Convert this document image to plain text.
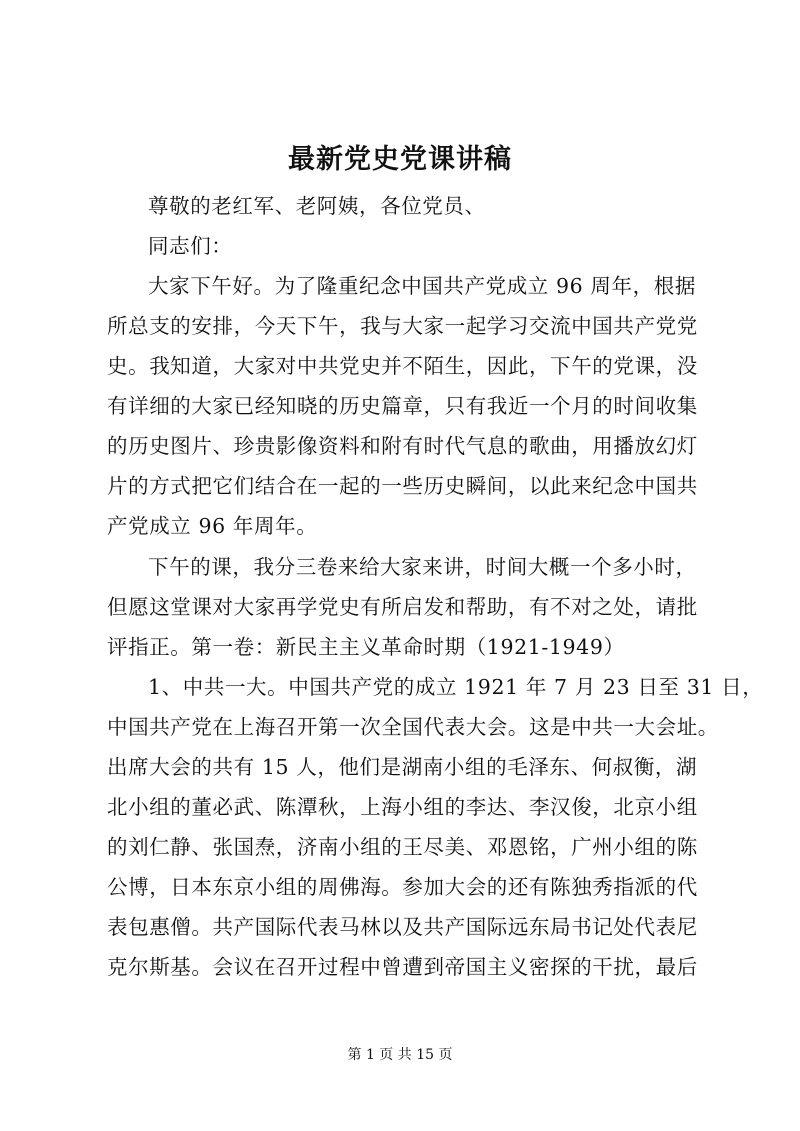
最新党史党课讲稿
尊敬的老红军、老阿姨，各位党员、
同志们：
大家下午好。为了隆重纪念中国共产党成立 96 周年，根据
所总支的安排，今天下午，我与大家一起学习交流中国共产党党
史。我知道，大家对中共党史并不陌生，因此，下午的党课，没
有详细的大家已经知晓的历史篇章，只有我近一个月的时间收集
的历史图片、珍贵影像资料和附有时代气息的歌曲，用播放幻灯
片的方式把它们结合在一起的一些历史瞬间，以此来纪念中国共
产党成立 96 年周年。
下午的课，我分三卷来给大家来讲，时间大概一个多小时，
但愿这堂课对大家再学党史有所启发和帮助，有不对之处，请批
评指正。第一卷：新民主主义革命时期（1921-1949）
1、中共一大。中国共产党的成立 1921 年 7 月 23 日至 31 日，
中国共产党在上海召开第一次全国代表大会。这是中共一大会址。
出席大会的共有 15 人，他们是湖南小组的毛泽东、何叔衡，湖
北小组的董必武、陈潭秋，上海小组的李达、李汉俊，北京小组
的刘仁静、张国焘，济南小组的王尽美、邓恩铭，广州小组的陈
公博，日本东京小组的周佛海。参加大会的还有陈独秀指派的代
表包惠僧。共产国际代表马林以及共产国际远东局书记处代表尼
克尔斯基。会议在召开过程中曾遭到帝国主义密探的干扰，最后
第 1 页 共 15 页
